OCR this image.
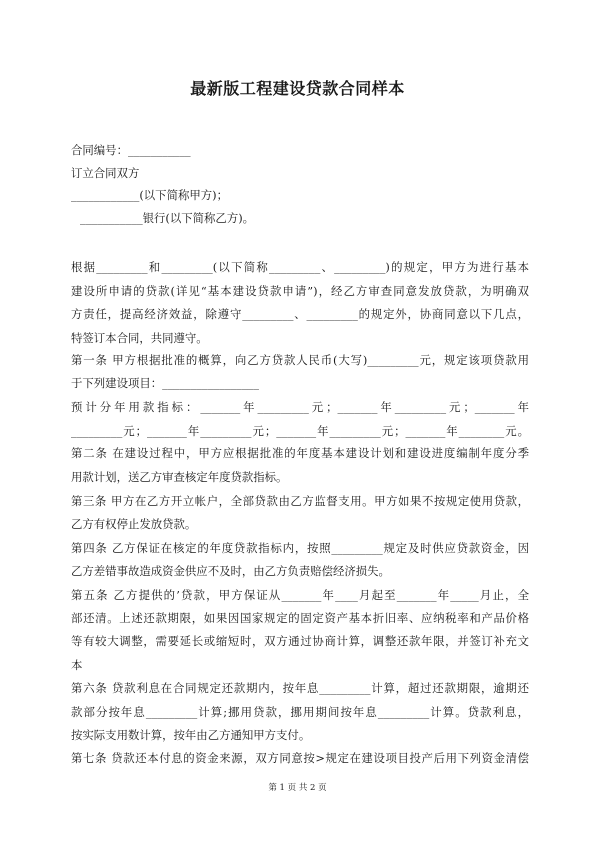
最新版工程建设贷款合同样本

合同编号：___________

订立合同双方

____________(以下简称甲方)；

___________银行(以下简称乙方)。

根据_________和_________(以下简称_________、_________)的规定，甲方为进行基本

建设所申请的贷款(详见“基本建设贷款申请”)，经乙方审查同意发放贷款，为明确双

方责任，提高经济效益，除遵守_________、_________的规定外，协商同意以下几点，

特签订本合同，共同遵守。

第一条 甲方根据批准的概算，向乙方贷款人民币(大写)_________元，规定该项贷款用

于下列建设项目：_________________

预计分年用款指标：_______年_________元；_______年_________元；_______年

_________元；_______年_________元；_______年_________元；_______年________元。

第二条 在建设过程中，甲方应根据批准的年度基本建设计划和建设进度编制年度分季

用款计划，送乙方审查核定年度贷款指标。

第三条 甲方在乙方开立帐户，全部贷款由乙方监督支用。甲方如果不按规定使用贷款，

乙方有权停止发放贷款。

第四条 乙方保证在核定的年度贷款指标内，按照_________规定及时供应贷款资金，因

乙方差错事故造成资金供应不及时，由乙方负责赔偿经济损失。

第五条 乙方提供的’贷款，甲方保证从_______年____月起至_______年_____月止，全

部还清。上述还款期限，如果因国家规定的固定资产基本折旧率、应纳税率和产品价格

等有较大调整，需要延长或缩短时，双方通过协商计算，调整还款年限，并签订补充文

本

第六条 贷款利息在合同规定还款期内，按年息_________计算，超过还款期限，逾期还

款部分按年息_________计算;挪用贷款，挪用期间按年息_________计算。贷款利息，

按实际支用数计算，按年由乙方通知甲方支付。

第七条 贷款还本付息的资金来源，双方同意按>规定在建设项目投产后用下列资金清偿

第 1 页 共 2 页
